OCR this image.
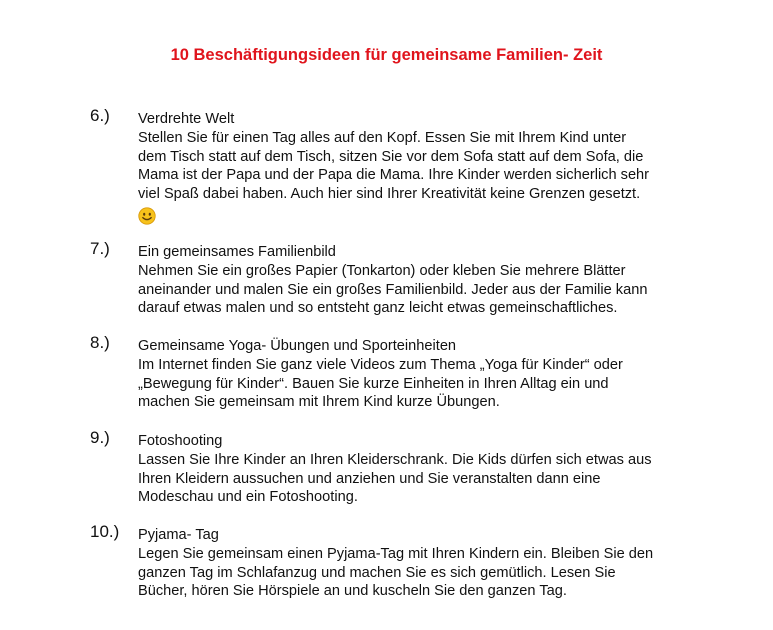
10 Beschäftigungsideen für gemeinsame Familien- Zeit
6.) Verdrehte Welt
Stellen Sie für einen Tag alles auf den Kopf. Essen Sie mit Ihrem Kind unter
dem Tisch statt auf dem Tisch, sitzen Sie vor dem Sofa statt auf dem Sofa, die
Mama ist der Papa und der Papa die Mama. Ihre Kinder werden sicherlich sehr
viel Spaß dabei haben. Auch hier sind Ihrer Kreativität keine Grenzen gesetzt.
7.) Ein gemeinsames Familienbild
Nehmen Sie ein großes Papier (Tonkarton) oder kleben Sie mehrere Blätter
aneinander und malen Sie ein großes Familienbild. Jeder aus der Familie kann
darauf etwas malen und so entsteht ganz leicht etwas gemeinschaftliches.
8.) Gemeinsame Yoga- Übungen und Sporteinheiten
Im Internet finden Sie ganz viele Videos zum Thema „Yoga für Kinder“ oder
„Bewegung für Kinder“. Bauen Sie kurze Einheiten in Ihren Alltag ein und
machen Sie gemeinsam mit Ihrem Kind kurze Übungen.
9.) Fotoshooting
Lassen Sie Ihre Kinder an Ihren Kleiderschrank. Die Kids dürfen sich etwas aus
Ihren Kleidern aussuchen und anziehen und Sie veranstalten dann eine
Modeschau und ein Fotoshooting.
10.) Pyjama- Tag
Legen Sie gemeinsam einen Pyjama-Tag mit Ihren Kindern ein. Bleiben Sie den
ganzen Tag im Schlafanzug und machen Sie es sich gemütlich. Lesen Sie
Bücher, hören Sie Hörspiele an und kuscheln Sie den ganzen Tag.
